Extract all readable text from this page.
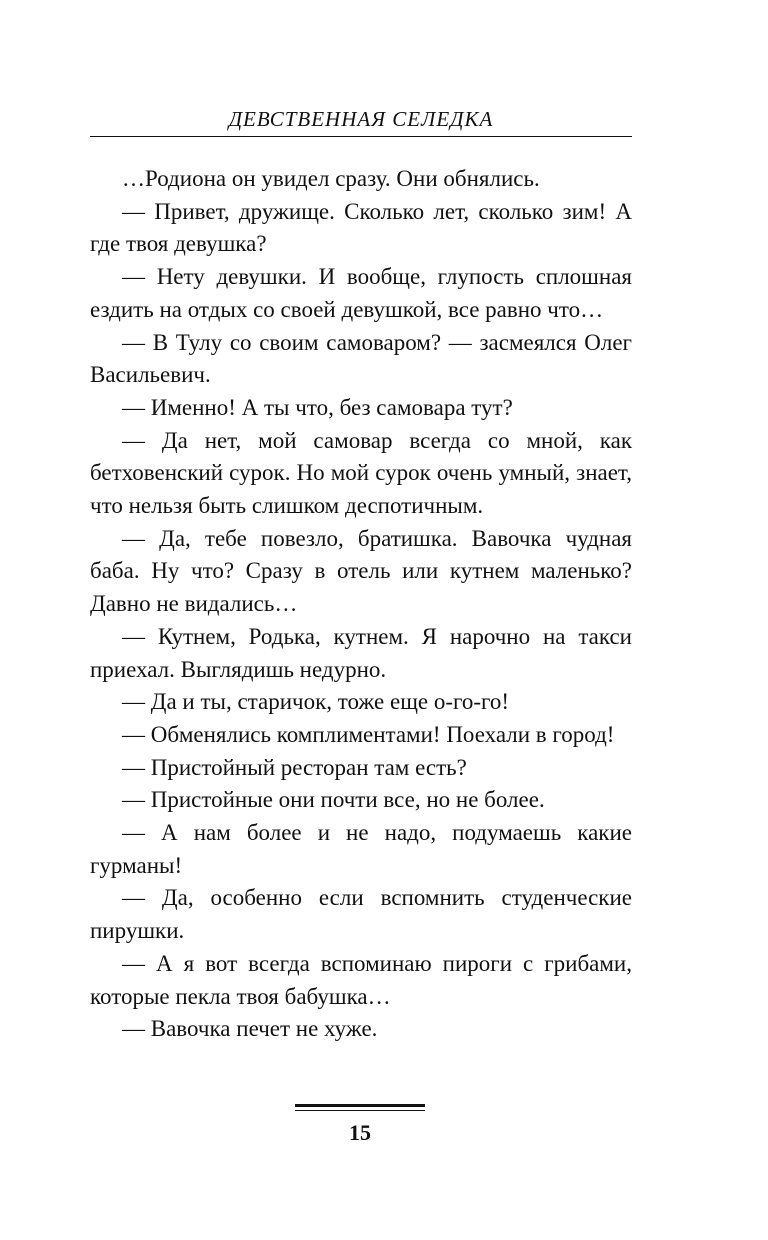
ДЕВСТВЕННАЯ СЕЛЕДКА

…Родиона он увидел сразу. Они обнялись.

— Привет, дружище. Сколько лет, сколько зим! А где твоя девушка?

— Нету девушки. И вообще, глупость сплошная ездить на отдых со своей девушкой, все равно что…

— В Тулу со своим самоваром? — засмеялся Олег Васильевич.

— Именно! А ты что, без самовара тут?

— Да нет, мой самовар всегда со мной, как бетховенский сурок. Но мой сурок очень умный, знает, что нельзя быть слишком деспотичным.

— Да, тебе повезло, братишка. Вавочка чудная баба. Ну что? Сразу в отель или кутнем маленько? Давно не видались…

— Кутнем, Родька, кутнем. Я нарочно на такси приехал. Выглядишь недурно.

— Да и ты, старичок, тоже еще о-го-го!

— Обменялись комплиментами! Поехали в город!

— Пристойный ресторан там есть?

— Пристойные они почти все, но не более.

— А нам более и не надо, подумаешь какие гурманы!

— Да, особенно если вспомнить студенческие пирушки.

— А я вот всегда вспоминаю пироги с грибами, которые пекла твоя бабушка…

— Вавочка печет не хуже.

15
